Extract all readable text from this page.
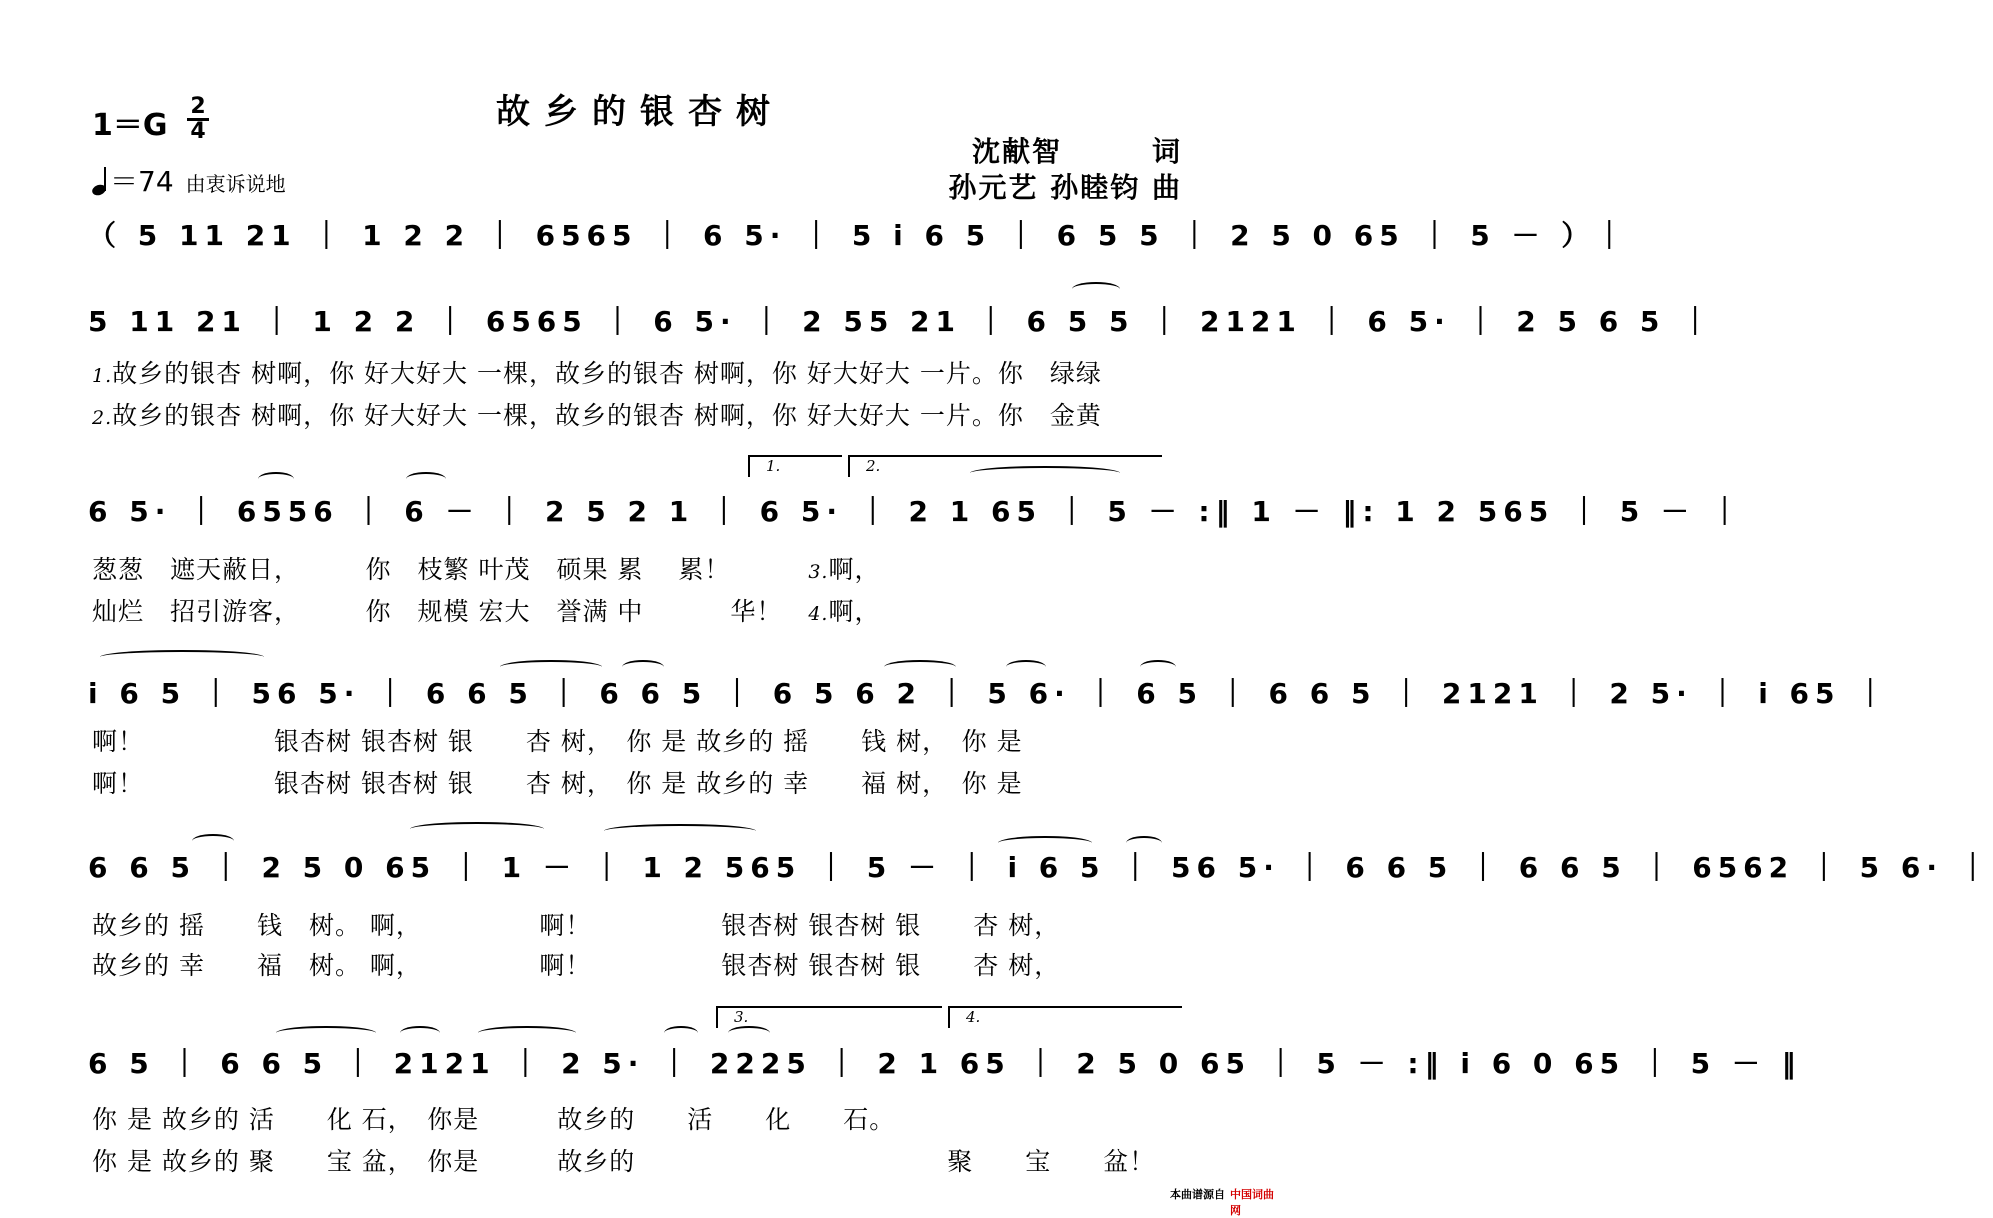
故乡的银杏树
1＝G
2
4
＝74 由衷诉说地
沈献智　　　词
孙元艺 孙睦钧 曲
（ 5 11 21 ｜ 1 2 2 ｜ 6565 ｜ 6 5· ｜ 5 i 6 5 ｜ 6 5 5 ｜ 2 5 0 65 ｜ 5 － ）｜
5 11 21 ｜ 1 2 2 ｜ 6565 ｜ 6 5· ｜ 2 55 21 ｜ 6 5 5 ｜ 2121 ｜ 6 5· ｜ 2 5 6 5 ｜
1.故乡的银杏 树啊，你 好大好大 一棵，故乡的银杏 树啊，你 好大好大 一片。你　绿绿
2.故乡的银杏 树啊，你 好大好大 一棵，故乡的银杏 树啊，你 好大好大 一片。你　金黄
1.	2.
6 5· ｜ 6556 ｜ 6 － ｜ 2 5 2 1 ｜ 6 5· ｜ 2 1 65 ｜ 5 － :‖ 1 － ‖: 1 2 565 ｜ 5 － ｜
葱葱　遮天蔽日，　　　你　枝繁 叶茂　硕果 累　 累！　　　3.啊，
灿烂　招引游客，　　　你　规模 宏大　誉满 中　　　 华！　4.啊，
i 6 5 ｜ 56 5· ｜ 6 6 5 ｜ 6 6 5 ｜ 6 5 6 2 ｜ 5 6· ｜ 6 5 ｜ 6 6 5 ｜ 2121 ｜ 2 5· ｜ i 65 ｜
啊！　　　　　银杏树 银杏树 银　　杏 树，　你 是 故乡的 摇　　钱 树，　你 是
啊！　　　　　银杏树 银杏树 银　　杏 树，　你 是 故乡的 幸　　福 树，　你 是
6 6 5 ｜ 2 5 0 65 ｜ 1 － ｜ 1 2 565 ｜ 5 － ｜ i 6 5 ｜ 56 5· ｜ 6 6 5 ｜ 6 6 5 ｜ 6562 ｜ 5 6· ｜
故乡的 摇　　钱　树。 啊，　　　　　啊！　　　　　银杏树 银杏树 银　　杏 树，
故乡的 幸　　福　树。 啊，　　　　　啊！　　　　　银杏树 银杏树 银　　杏 树，
3.	4.
6 5 ｜ 6 6 5 ｜ 2121 ｜ 2 5· ｜ 2225 ｜ 2 1 65 ｜ 2 5 0 65 ｜ 5 － :‖ i 6 0 65 ｜ 5 － ‖
你 是 故乡的 活　　化 石，　你是　　　故乡的　　活　　化　　石。
你 是 故乡的 聚　　宝 盆，　你是　　　故乡的　　　　　　　　　　　　聚　　宝　　盆！
本曲谱源自 中国词曲网
